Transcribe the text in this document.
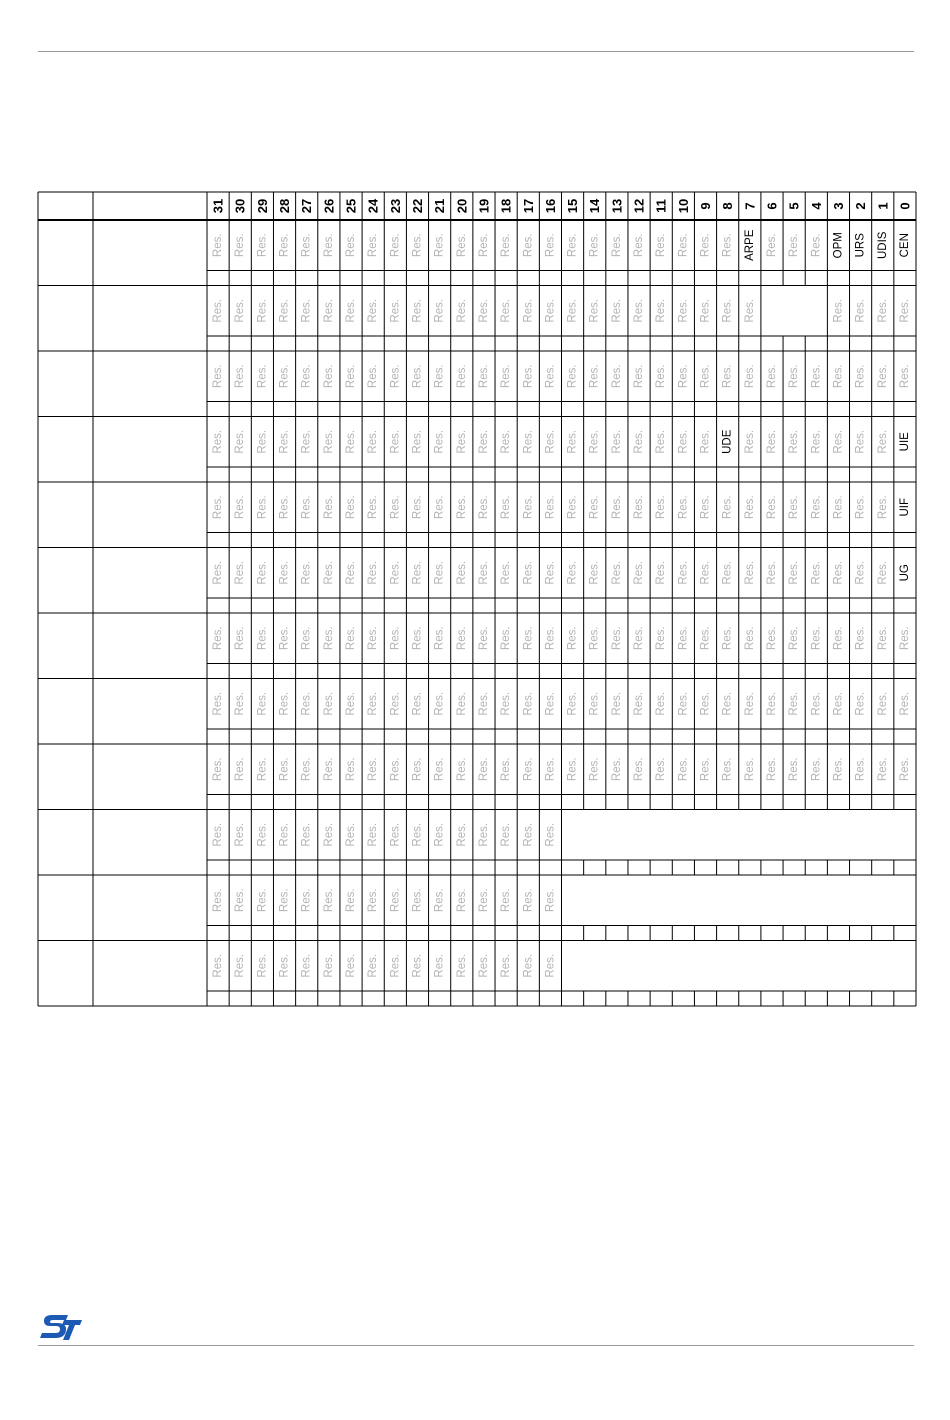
31 30 29 28 27 26 25 24 23 22 21 20 19 18 17 16 15 14 13 12 11 10 9 8 7 6 5 4 3 2 1 0
Res. Res. Res. Res. Res. Res. Res. Res. Res. Res. Res. Res. Res. Res. Res. Res. Res. Res. Res. Res. Res. Res. Res. Res. ARPE Res. Res. Res. OPM URS UDIS CEN
Res. Res. Res. Res. Res. Res. Res. Res. Res. Res. Res. Res. Res. Res. Res. Res. Res. Res. Res. Res. Res. Res. Res. Res. Res.	Res. Res. Res. Res.
Res. Res. Res. Res. Res. Res. Res. Res. Res. Res. Res. Res. Res. Res. Res. Res. Res. Res. Res. Res. Res. Res. Res. Res. Res. Res. Res. Res. Res. Res. Res. Res.
Res. Res. Res. Res. Res. Res. Res. Res. Res. Res. Res. Res. Res. Res. Res. Res. Res. Res. Res. Res. Res. Res. Res. UDE Res. Res. Res. Res. Res. Res. Res. UIE
Res. Res. Res. Res. Res. Res. Res. Res. Res. Res. Res. Res. Res. Res. Res. Res. Res. Res. Res. Res. Res. Res. Res. Res. Res. Res. Res. Res. Res. Res. Res. UIF
Res. Res. Res. Res. Res. Res. Res. Res. Res. Res. Res. Res. Res. Res. Res. Res. Res. Res. Res. Res. Res. Res. Res. Res. Res. Res. Res. Res. Res. Res. Res. UG
Res. Res. Res. Res. Res. Res. Res. Res. Res. Res. Res. Res. Res. Res. Res. Res. Res. Res. Res. Res. Res. Res. Res. Res. Res. Res. Res. Res. Res. Res. Res. Res.
Res. Res. Res. Res. Res. Res. Res. Res. Res. Res. Res. Res. Res. Res. Res. Res. Res. Res. Res. Res. Res. Res. Res. Res. Res. Res. Res. Res. Res. Res. Res. Res.
Res. Res. Res. Res. Res. Res. Res. Res. Res. Res. Res. Res. Res. Res. Res. Res. Res. Res. Res. Res. Res. Res. Res. Res. Res. Res. Res. Res. Res. Res. Res. Res.
Res. Res. Res. Res. Res. Res. Res. Res. Res. Res. Res. Res. Res. Res. Res. Res.
Res. Res. Res. Res. Res. Res. Res. Res. Res. Res. Res. Res. Res. Res. Res. Res.
Res. Res. Res. Res. Res. Res. Res. Res. Res. Res. Res. Res. Res. Res. Res. Res.
